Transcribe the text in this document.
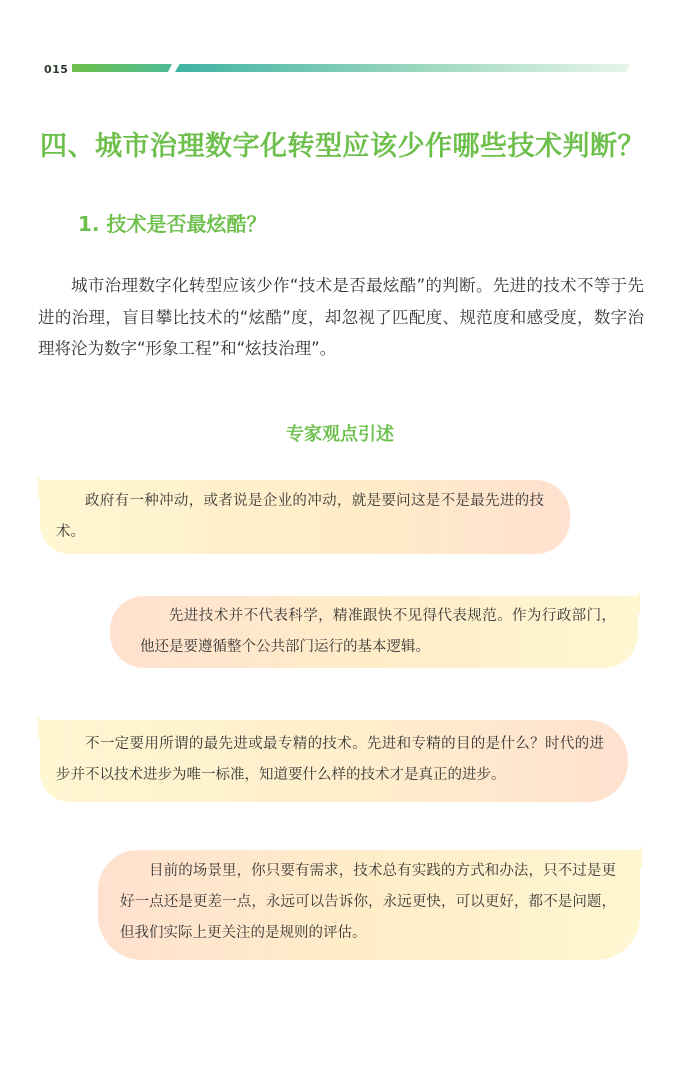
015
四、城市治理数字化转型应该少作哪些技术判断？
1. 技术是否最炫酷？
城市治理数字化转型应该少作“技术是否最炫酷”的判断。先进的技术不等于先进的治理，盲目攀比技术的“炫酷”度，却忽视了匹配度、规范度和感受度，数字治理将沦为数字“形象工程”和“炫技治理”。
专家观点引述
政府有一种冲动，或者说是企业的冲动，就是要问这是不是最先进的技术。
先进技术并不代表科学，精准跟快不见得代表规范。作为行政部门，他还是要遵循整个公共部门运行的基本逻辑。
不一定要用所谓的最先进或最专精的技术。先进和专精的目的是什么？时代的进步并不以技术进步为唯一标准，知道要什么样的技术才是真正的进步。
目前的场景里，你只要有需求，技术总有实践的方式和办法，只不过是更好一点还是更差一点，永远可以告诉你，永远更快，可以更好，都不是问题，但我们实际上更关注的是规则的评估。
